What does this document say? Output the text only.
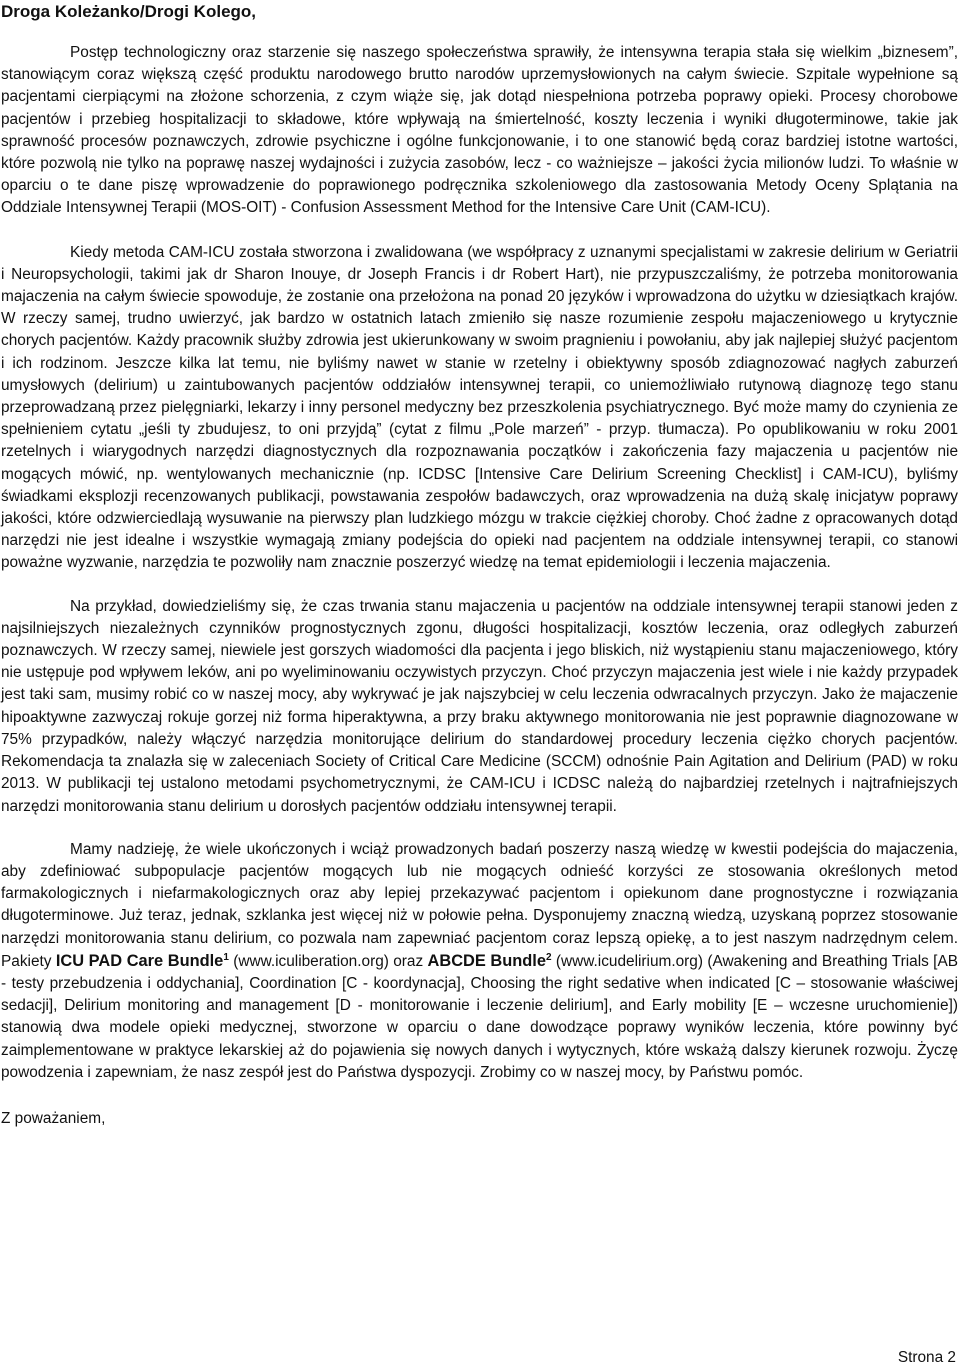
Droga Koleżanko/Drogi Kolego,

Postęp technologiczny oraz starzenie się naszego społeczeństwa sprawiły, że intensywna terapia stała się wielkim „biznesem”, stanowiącym coraz większą część produktu narodowego brutto narodów uprzemysłowionych na całym świecie. Szpitale wypełnione są pacjentami cierpiącymi na złożone schorzenia, z czym wiąże się, jak dotąd niespełniona potrzeba poprawy opieki. Procesy chorobowe pacjentów i przebieg hospitalizacji to składowe, które wpływają na śmiertelność, koszty leczenia i wyniki długoterminowe, takie jak sprawność procesów poznawczych, zdrowie psychiczne i ogólne funkcjonowanie, i to one stanowić będą coraz bardziej istotne wartości, które pozwolą nie tylko na poprawę naszej wydajności i zużycia zasobów, lecz - co ważniejsze – jakości życia milionów ludzi. To właśnie w oparciu o te dane piszę wprowadzenie do poprawionego podręcznika szkoleniowego dla zastosowania Metody Oceny Splątania na Oddziale Intensywnej Terapii (MOS-OIT) - Confusion Assessment Method for the Intensive Care Unit (CAM-ICU).

Kiedy metoda CAM-ICU została stworzona i zwalidowana (we współpracy z uznanymi specjalistami w zakresie delirium w Geriatrii i Neuropsychologii, takimi jak dr Sharon Inouye, dr Joseph Francis i dr Robert Hart), nie przypuszczaliśmy, że potrzeba monitorowania majaczenia na całym świecie spowoduje, że zostanie ona przełożona na ponad 20 języków i wprowadzona do użytku w dziesiątkach krajów. W rzeczy samej, trudno uwierzyć, jak bardzo w ostatnich latach zmieniło się nasze rozumienie zespołu majaczeniowego u krytycznie chorych pacjentów. Każdy pracownik służby zdrowia jest ukierunkowany w swoim pragnieniu i powołaniu, aby jak najlepiej służyć pacjentom i ich rodzinom. Jeszcze kilka lat temu, nie byliśmy nawet w stanie w rzetelny i obiektywny sposób zdiagnozować nagłych zaburzeń umysłowych (delirium) u zaintubowanych pacjentów oddziałów intensywnej terapii, co uniemożliwiało rutynową diagnozę tego stanu przeprowadzaną przez pielęgniarki, lekarzy i inny personel medyczny bez przeszkolenia psychiatrycznego. Być może mamy do czynienia ze spełnieniem cytatu „jeśli ty zbudujesz, to oni przyjdą” (cytat z filmu „Pole marzeń” - przyp. tłumacza). Po opublikowaniu w roku 2001 rzetelnych i wiarygodnych narzędzi diagnostycznych dla rozpoznawania początków i zakończenia fazy majaczenia u pacjentów nie mogących mówić, np. wentylowanych mechanicznie (np. ICDSC [Intensive Care Delirium Screening Checklist] i CAM-ICU), byliśmy świadkami eksplozji recenzowanych publikacji, powstawania zespołów badawczych, oraz wprowadzenia na dużą skalę inicjatyw poprawy jakości, które odzwierciedlają wysuwanie na pierwszy plan ludzkiego mózgu w trakcie ciężkiej choroby. Choć żadne z opracowanych dotąd narzędzi nie jest idealne i wszystkie wymagają zmiany podejścia do opieki nad pacjentem na oddziale intensywnej terapii, co stanowi poważne wyzwanie, narzędzia te pozwoliły nam znacznie poszerzyć wiedzę na temat epidemiologii i leczenia majaczenia.

Na przykład, dowiedzieliśmy się, że czas trwania stanu majaczenia u pacjentów na oddziale intensywnej terapii stanowi jeden z najsilniejszych niezależnych czynników prognostycznych zgonu, długości hospitalizacji, kosztów leczenia, oraz odległych zaburzeń poznawczych. W rzeczy samej, niewiele jest gorszych wiadomości dla pacjenta i jego bliskich, niż wystąpieniu stanu majaczeniowego, który nie ustępuje pod wpływem leków, ani po wyeliminowaniu oczywistych przyczyn. Choć przyczyn majaczenia jest wiele i nie każdy przypadek jest taki sam, musimy robić co w naszej mocy, aby wykrywać je jak najszybciej w celu leczenia odwracalnych przyczyn. Jako że majaczenie hipoaktywne zazwyczaj rokuje gorzej niż forma hiperaktywna, a przy braku aktywnego monitorowania nie jest poprawnie diagnozowane w 75% przypadków, należy włączyć narzędzia monitorujące delirium do standardowej procedury leczenia ciężko chorych pacjentów. Rekomendacja ta znalazła się w zaleceniach Society of Critical Care Medicine (SCCM) odnośnie Pain Agitation and Delirium (PAD) w roku 2013. W publikacji tej ustalono metodami psychometrycznymi, że CAM-ICU i ICDSC należą do najbardziej rzetelnych i najtrafniejszych narzędzi monitorowania stanu delirium u dorosłych pacjentów oddziału intensywnej terapii.

Mamy nadzieję, że wiele ukończonych i wciąż prowadzonych badań poszerzy naszą wiedzę w kwestii podejścia do majaczenia, aby zdefiniować subpopulacje pacjentów mogących lub nie mogących odnieść korzyści ze stosowania określonych metod farmakologicznych i niefarmakologicznych oraz aby lepiej przekazywać pacjentom i opiekunom dane prognostyczne i rozwiązania długoterminowe. Już teraz, jednak, szklanka jest więcej niż w połowie pełna. Dysponujemy znaczną wiedzą, uzyskaną poprzez stosowanie narzędzi monitorowania stanu delirium, co pozwala nam zapewniać pacjentom coraz lepszą opiekę, a to jest naszym nadrzędnym celem. Pakiety ICU PAD Care Bundle$^1$ (www.iculiberation.org) oraz ABCDE Bundle$^2$ (www.icudelirium.org) (Awakening and Breathing Trials [AB - testy przebudzenia i oddychania], Coordination [C - koordynacja], Choosing the right sedative when indicated [C – stosowanie właściwej sedacji], Delirium monitoring and management [D - monitorowanie i leczenie delirium], and Early mobility [E – wczesne uruchomienie]) stanowią dwa modele opieki medycznej, stworzone w oparciu o dane dowodzące poprawy wyników leczenia, które powinny być zaimplementowane w praktyce lekarskiej aż do pojawienia się nowych danych i wytycznych, które wskażą dalszy kierunek rozwoju. Życzę powodzenia i zapewniam, że nasz zespół jest do Państwa dyspozycji. Zrobimy co w naszej mocy, by Państwu pomóc.

Z poważaniem,

Strona 2
